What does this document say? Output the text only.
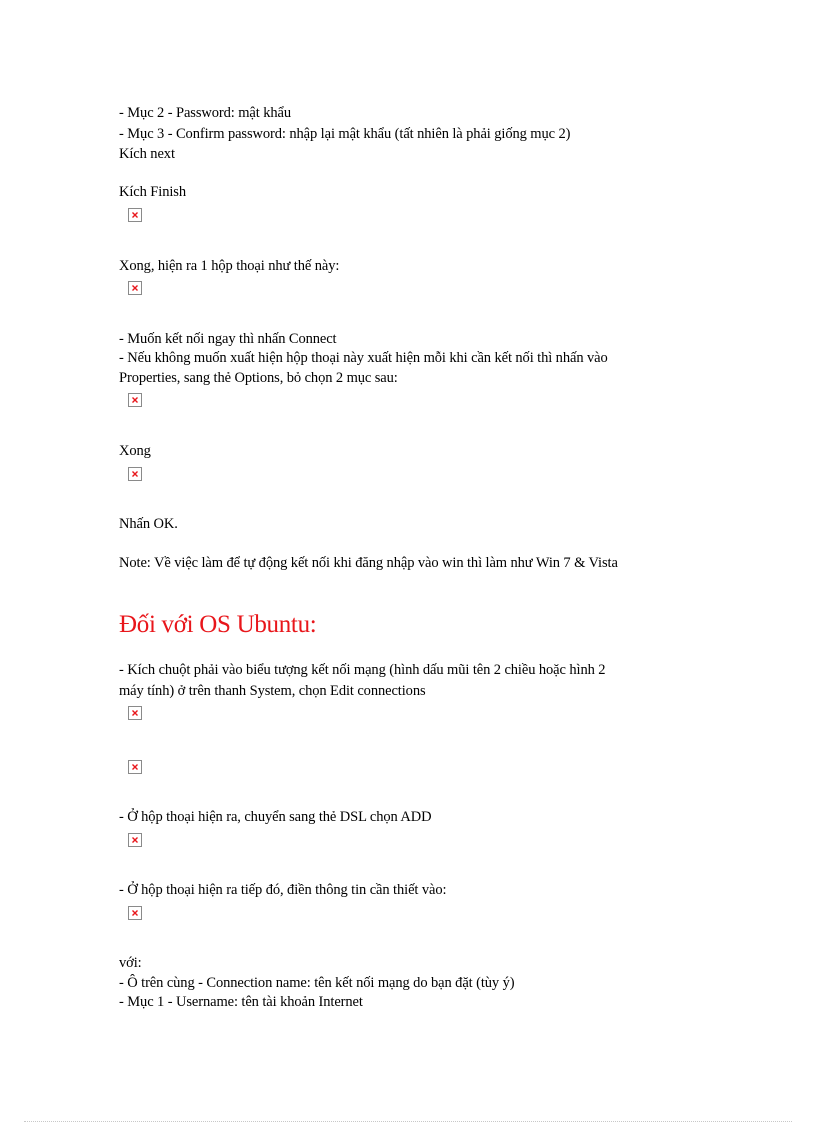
- Mục 2 - Password: mật khẩu
- Mục 3 - Confirm password: nhập lại mật khẩu (tất nhiên là phải giống mục 2)
Kích next
Kích Finish
Xong, hiện ra 1 hộp thoại như thế này:
- Muốn kết nối ngay thì nhấn Connect
- Nếu không muốn xuất hiện hộp thoại này xuất hiện mỗi khi cần kết nối thì nhấn vào
Properties, sang thẻ Options, bỏ chọn 2 mục sau:
Xong
Nhấn OK.
Note: Về việc làm để tự động kết nối khi đăng nhập vào win thì làm như Win 7 & Vista
Đối với OS Ubuntu:
- Kích chuột phải vào biểu tượng kết nối mạng (hình dấu mũi tên 2 chiều hoặc hình 2
máy tính) ở trên thanh System, chọn Edit connections
- Ở hộp thoại hiện ra, chuyển sang thẻ DSL chọn ADD
- Ở hộp thoại hiện ra tiếp đó, điền thông tin cần thiết vào:
với:
- Ô trên cùng - Connection name: tên kết nối mạng do bạn đặt (tùy ý)
- Mục 1 - Username: tên tài khoản Internet
